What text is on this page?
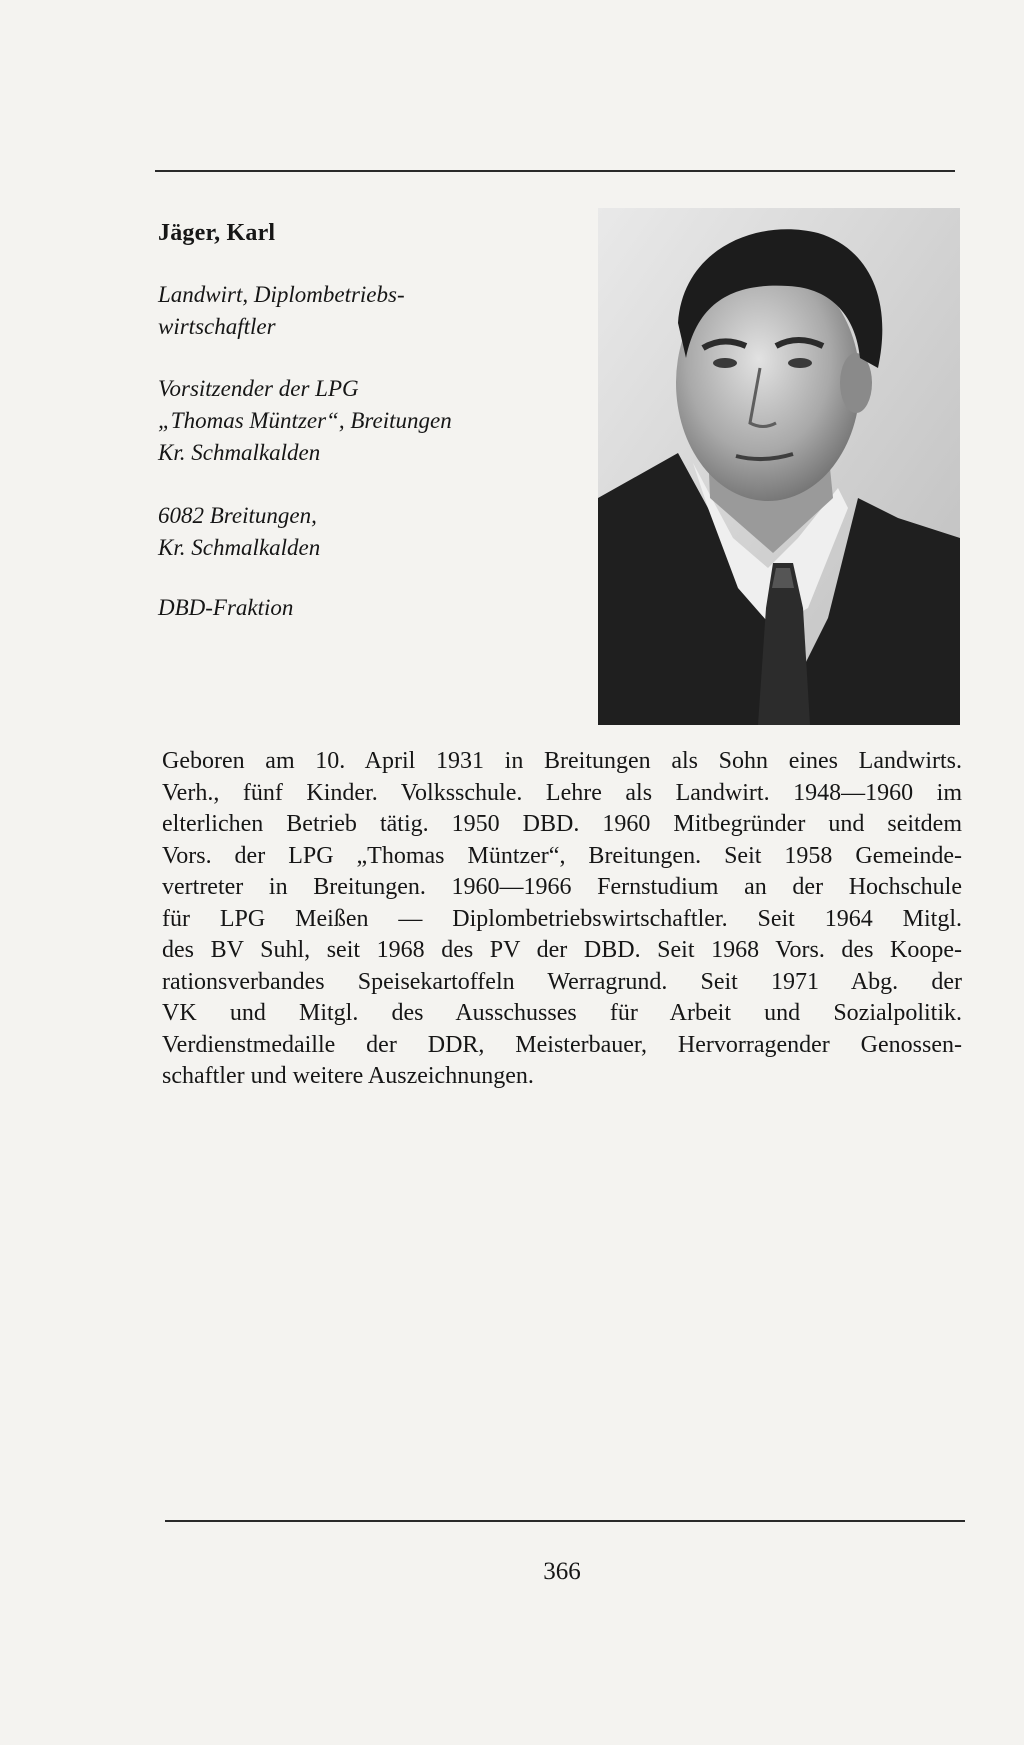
Jäger, Karl
Landwirt, Diplombetriebs-
wirtschaftler
Vorsitzender der LPG
„Thomas Müntzer“, Breitungen
Kr. Schmalkalden
6082 Breitungen,
Kr. Schmalkalden
DBD-Fraktion
Geboren am 10. April 1931 in Breitungen als Sohn eines Landwirts.
Verh., fünf Kinder. Volksschule. Lehre als Landwirt. 1948—1960 im
elterlichen Betrieb tätig. 1950 DBD. 1960 Mitbegründer und seitdem
Vors. der LPG „Thomas Müntzer“, Breitungen. Seit 1958 Gemeinde-
vertreter in Breitungen. 1960—1966 Fernstudium an der Hochschule
für LPG Meißen — Diplombetriebswirtschaftler. Seit 1964 Mitgl.
des BV Suhl, seit 1968 des PV der DBD. Seit 1968 Vors. des Koope-
rationsverbandes Speisekartoffeln Werragrund. Seit 1971 Abg. der
VK und Mitgl. des Ausschusses für Arbeit und Sozialpolitik.
Verdienstmedaille der DDR, Meisterbauer, Hervorragender Genossen-
schaftler und weitere Auszeichnungen.
366
